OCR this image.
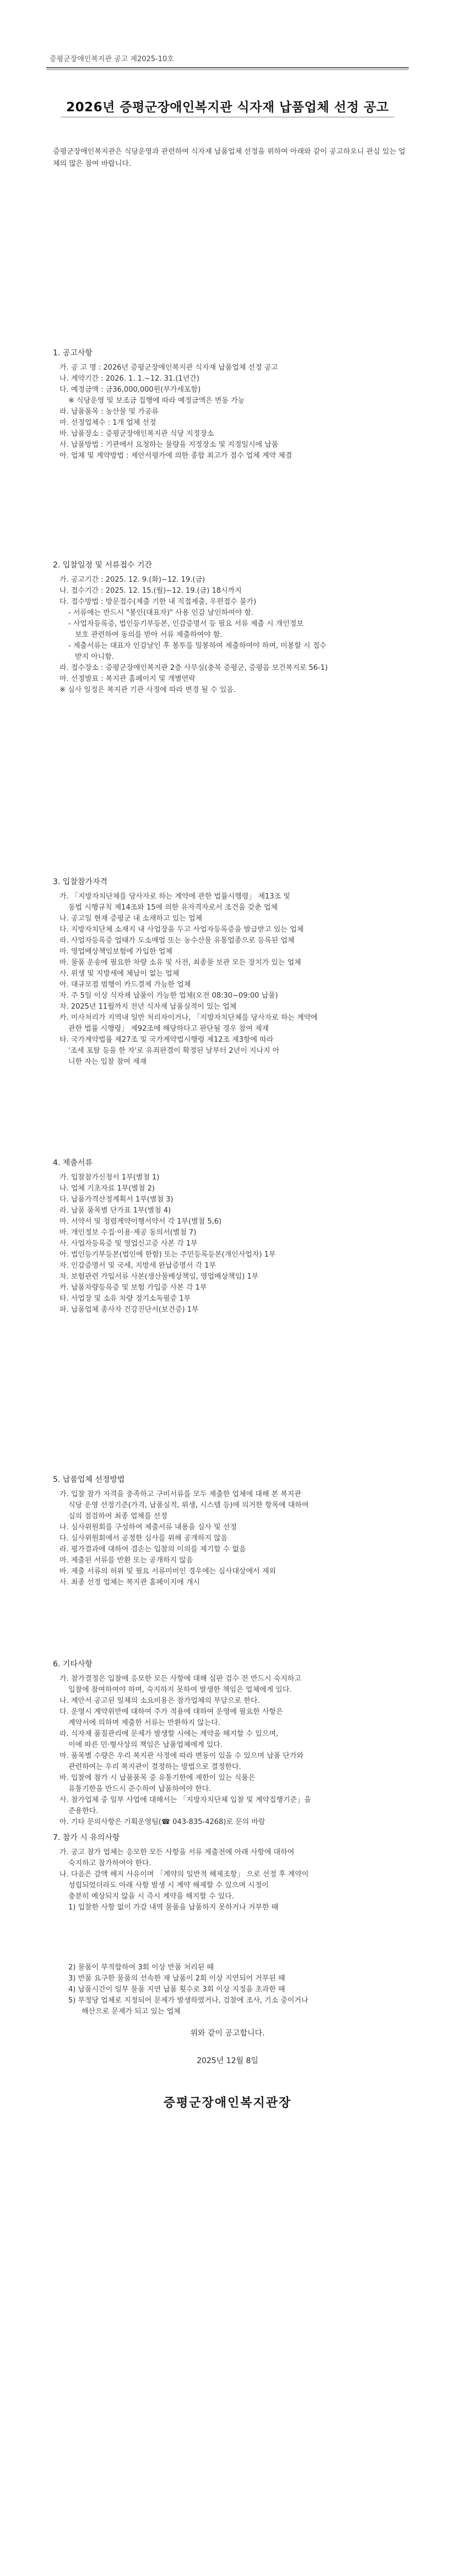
증평군장애인복지관 공고 제2025-10호
2026년 증평군장애인복지관 식자재 납품업체 선정 공고
증평군장애인복지관은 식당운영과 관련하여 식자재 납품업체 선정을 위하여 아래와 같이 공고하오니 관심 있는 업체의 많은 참여 바랍니다.
1. 공고사항
가. 공 고 명 : 2026년 증평군장애인복지관 식자재 납품업체 선정 공고
나. 계약기간 : 2026. 1. 1.~12. 31.(1년간)
다. 예정금액 : 금36,000,000원(부가세포함)
※ 식당운영 및 보조금 집행에 따라 예정금액은 변동 가능
라. 납품품목 : 농산물 및 가공류
마. 선정업체수 : 1개 업체 선정
바. 납품장소 : 증평군장애인복지관 식당 지정장소
사. 납품방법 : 기관에서 요청하는 물량을 지정장소 및 지정일시에 납품
아. 업체 및 계약방법 : 제안서평가에 의한 종합 최고가 점수 업체 계약 체결
2. 입찰일정 및 서류접수 기간
가. 공고기간 : 2025. 12. 9.(화)~12. 19.(금)
나. 접수기간 : 2025. 12. 15.(월)~12. 19.(금) 18시까지
다. 접수방법 : 방문접수(제출 기한 내 직접제출, 우편접수 불가)
- 서류에는 반드시 "봉인(대표자)" 사용 인감 날인하여야 함.
- 사업자등록증, 법인등기부등본, 인감증명서 등 필요 서류 제출 시 개인정보
보호 관련하여 동의를 받아 서류 제출하여야 함.
- 제출서류는 대표자 인감날인 후 봉투를 밀봉하여 제출하여야 하며, 미봉할 시 접수
받지 아니함.
라. 접수장소 : 증평군장애인복지관 2층 사무실(충북 증평군, 증평읍 보건복지로 56-1)
마. 선정발표 : 복지관 홈페이지 및 개별연락
※ 심사 일정은 복지관 기관 사정에 따라 변경 될 수 있음.
3. 입찰참가자격
가. 「지방자치단체를 당사자로 하는 계약에 관한 법률시행령」 제13조 및
동법 시행규칙 제14조와 15에 의한 유자격자로서 조건을 갖춘 업체
나. 공고일 현재 증평군 내 소재하고 있는 업체
다. 지방자치단체 소재지 내 사업장을 두고 사업자등록증을 발급받고 있는 업체
라. 사업자등록증 업태가 도소매업 또는 농수산물 유통업종으로 등록된 업체
마. 영업배상책임보험에 가입한 업체
바. 물품 운송에 필요한 차량 소유 및 사전, 최종물 보관 모든 장치가 있는 업체
사. 위생 및 지방세에 체납이 없는 업체
아. 대규모점 범행이 카드결제 가능한 업체
자. 주 5일 이상 식자재 납품이 가능한 업체(오전 08:30~09:00 납품)
차. 2025년 11월까지 전년 식자재 납품실적이 있는 업체
카. 미사처리가 지역내 일반 처리자이거나, 「지방자치단체를 당사자로 하는 계약에
관한 법률 시행령」 제92조에 해당하다고 판단될 경우 참여 제재
타. 국가계약법률 제27조 및 국가계약법시행령 제12조 제3항에 따라
'조세 포탈 등을 한 자'로 유죄판결이 확정된 날부터 2년이 지나지 아
니한 자는 입찰 참여 제재
4. 제출서류
가. 입찰참가신청서 1부(별첨 1)
나. 업체 기초자료 1부(별첨 2)
다. 납품가격산정계획서 1부(별첨 3)
라. 납품 품목별 단가표 1부(별첨 4)
마. 서약서 및 청렴계약이행서약서 각 1부(별첨 5,6)
바. 개인정보 수집·이용·제공 동의서(별첨 7)
사. 사업자등록증 및 영업신고증 사본 각 1부
아. 법인등기부등본(법인에 한함) 또는 주민등록등본(개인사업자) 1부
자. 인감증명서 및 국세, 지방세 완납증명서 각 1부
차. 보험관련 가입서류 사본(생산물배상책임, 영업배상책임) 1부
카. 납품차량등록증 및 보험 가입증 사본 각 1부
타. 사업장 및 소유 차량 정기소독필증 1부
파. 납품업체 종사자 건강진단서(보건증) 1부
5. 납품업체 선정방법
가. 입찰 참가 자격을 충족하고 구비서류를 모두 제출한 업체에 대해 본 복지관
식당 운영 선정기준(가격, 납품실적, 위생, 시스템 등)에 의거한 항목에 대하여
심의 점검하여 최종 업체를 선정
나. 심사위원회를 구성하여 제출서류 내용을 심사 및 선정
다. 심사위원회에서 공정한 심사를 위해 공개하지 않음
라. 평가결과에 대하여 겸손는 입찰의 이의를 제기할 수 없음
마. 제출된 서류를 반환 또는 공개하지 않음
바. 제출 서류의 허위 및 필요 서류미비인 경우에는 심사대상에서 제외
사. 최종 선정 업체는 복지관 홈페이지에 개시
6. 기타사항
가. 참가결정은 입찰에 응모한 모든 사항에 대해 심판 검수 전 반드시 숙지하고
입찰에 참여하여야 하며, 숙지하지 못하여 발생한 책임은 업체에게 있다.
나. 제안서 공고된 일체의 소요비용은 참가업체의 부담으로 한다.
다. 운영시 계약위반에 대하여 주가 적용에 대하여 운영에 필요한 사항은
계약서에 의하며 제출한 서류는 반환하지 않는다.
라. 식자재 품질관리에 문제가 발생할 시에는 계약을 해지할 수 있으며,
이에 따른 민·형사상의 책임은 납품업체에게 있다.
마. 품목별 수량은 우리 복지관 사정에 따라 변동이 있을 수 있으며 납품 단가와
관련하여는 우리 복지관이 결정하는 방법으로 결정한다.
바. 입찰에 참가 시 납품품목 중 유통기한에 제한이 있는 식품은
유통기한을 반드시 준수하여 납품하여야 한다.
사. 참가업체 중 일부 사업에 대해서는 「지방자치단체 입찰 및 계약집행기준」을
준용한다.
아. 기타 문의사항은 기획운영팀(☎ 043-835-4268)로 문의 바람
7. 참가 시 유의사항
가. 공고 참가 업체는 응모한 모든 사항을 서류 제출전에 아래 사항에 대하여
숙지하고 참가하여야 한다.
나. 다음은 감액 해지 사유이며 「계약의 일반적 해제조항」 으로 선정 후 계약이
성립되었더라도 아래 사항 발생 시 계약 해제할 수 있으며 시정이
충분히 예상되지 않을 시 즉시 계약을 해지할 수 있다.
1) 입찰한 사항 없이 가감 내역 물품을 납품하지 못하거나 거부한 때
2) 물품이 부적합하여 3회 이상 반품 처리된 때
3) 반품 요구한 물품의 선속한 재 납품이 2회 이상 지연되어 거부된 때
4) 납품시간이 일부 물품 지연 납품 횟수로 3회 이상 지정을 초과한 때
5) 부정당 업체로 지정되어 문제가 발생하였거나, 검찰에 조사, 기소 중이거나
해산으로 문제가 되고 있는 업체
위와 같이 공고합니다.
2025년 12월 8일
증평군장애인복지관장
